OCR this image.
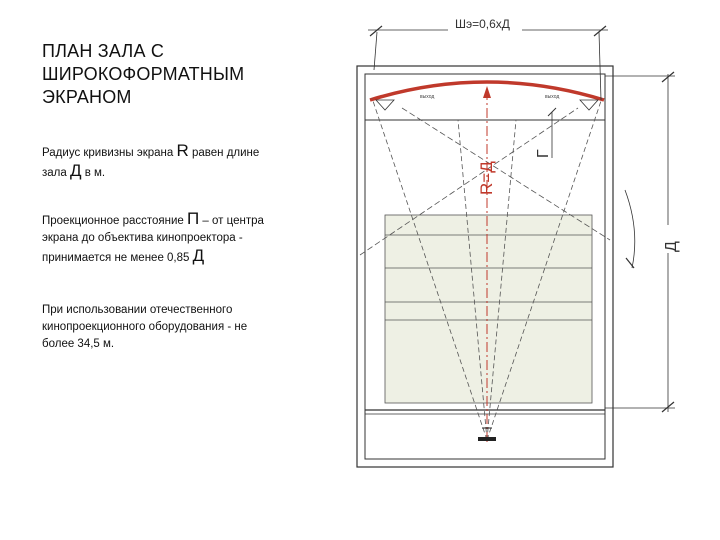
ПЛАН ЗАЛА С
ШИРОКОФОРМАТНЫМ
ЭКРАНОМ
Радиус кривизны экрана R равен длине зала Д в м.
Проекционное расстояние П – от центра экрана до объектива кинопроектора - принимается не менее 0,85 Д
При использовании отечественного кинопроекционного оборудования - не более 34,5 м.
выход	выход
R=Д
Шэ=0,6хД
Г
Д
